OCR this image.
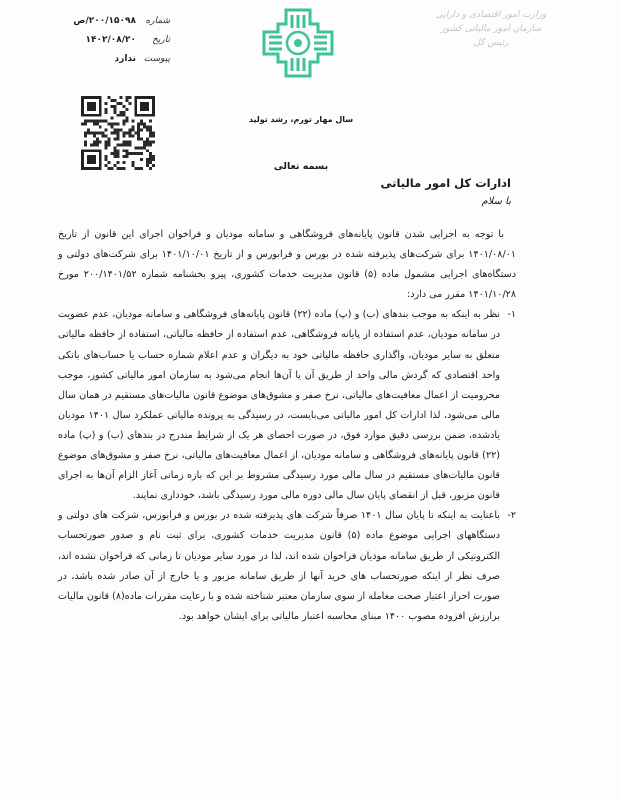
وزارت امور اقتصادی و دارایی
سازمان امور مالیاتی کشور
رئیس کل
شماره
۲۰۰/۱۵۰۹۸/ص
تاریخ
۱۴۰۲/۰۸/۲۰
پیوست
ندارد
سال مهار تورم، رشد تولید
بسمه تعالی
ادارات کل امور مالیاتی
با سلام

با توجه به اجرایی شدن قانون پایانه‌های فروشگاهی و سامانه مودیان و فراخوان اجرای این قانون از تاریخ ۱۴۰۱/۰۸/۰۱ برای شرکت‌های پذیرفته شده در بورس و فرابورس و از تاریخ ۱۴۰۱/۱۰/۰۱ برای شرکت‌های دولتی و دستگاه‌های اجرایی مشمول ماده (۵) قانون مدیریت خدمات کشوری، پیرو بخشنامه شماره ۲۰۰/۱۴۰۱/۵۲ مورخ ۱۴۰۱/۱۰/۲۸ مقرر می دارد:

۱-

نظر به اینکه به موجب بندهای (ب) و (پ) ماده (۲۲) قانون پایانه‌های فروشگاهی و سامانه مودیان، عدم عضویت در سامانه مودیان، عدم استفاده از پایانه فروشگاهی، عدم استفاده از حافظه مالیاتی، استفاده از حافظه مالیاتی متعلق به سایر مودیان، واگذاری حافظه مالیاتی خود به دیگران و عدم اعلام شماره حساب یا حساب‌های بانکی واحد اقتصادی که گردش مالی واحد از طریق آن یا آن‌ها انجام می‌شود به سازمان امور مالیاتی کشور، موجب محرومیت از اعمال معافیت‌های مالیاتی، نرخ صفر و مشوق‌های موضوع قانون مالیات‌های مستقیم در همان سال مالی می‌شود، لذا ادارات کل امور مالیاتی می‌بایست، در رسیدگی به پرونده مالیاتی عملکرد سال ۱۴۰۱ مودیان یادشده، ضمن بررسی دقیق موارد فوق، در صورت احصای هر یک از شرایط مندرج در بندهای (ب) و (پ) ماده (۲۲) قانون پایانه‌های فروشگاهی و سامانه مودیان، از اعمال معافیت‌های مالیاتی، نرخ صفر و مشوق‌های موضوع قانون مالیات‌های مستقیم در سال مالی مورد رسیدگی مشروط بر این که بازه زمانی آغاز الزام آن‌ها به اجرای قانون مزبور، قبل از انقضای پایان سال مالی دوره مالی مورد رسیدگی باشد، خودداری نمایند.

۲-

باعنایت به اینکه تا پایان سال ۱۴۰۱ صرفاً شرکت های پذیرفته شده در بورس و فرابورس، شرکت های دولتی و دستگاههای اجرایی موضوع ماده (۵) قانون مدیریت خدمات کشوری، برای ثبت نام و صدور صورتحساب الکترونیکی از طریق سامانه مودیان فراخوان شده اند، لذا در مورد سایر مودیان تا زمانی که فراخوان نشده اند، صرف نظر از اینکه صورتحساب های خرید آنها از طریق سامانه مزبور و یا خارج از آن صادر شده باشد، در صورت احراز اعتبار صحت معامله از سوی سازمان معتبر شناخته شده و با رعایت مقررات ماده(۸) قانون مالیات برارزش افزوده مصوب ۱۴۰۰ مبنای محاسبه اعتبار مالیاتی برای ایشان خواهد بود.
